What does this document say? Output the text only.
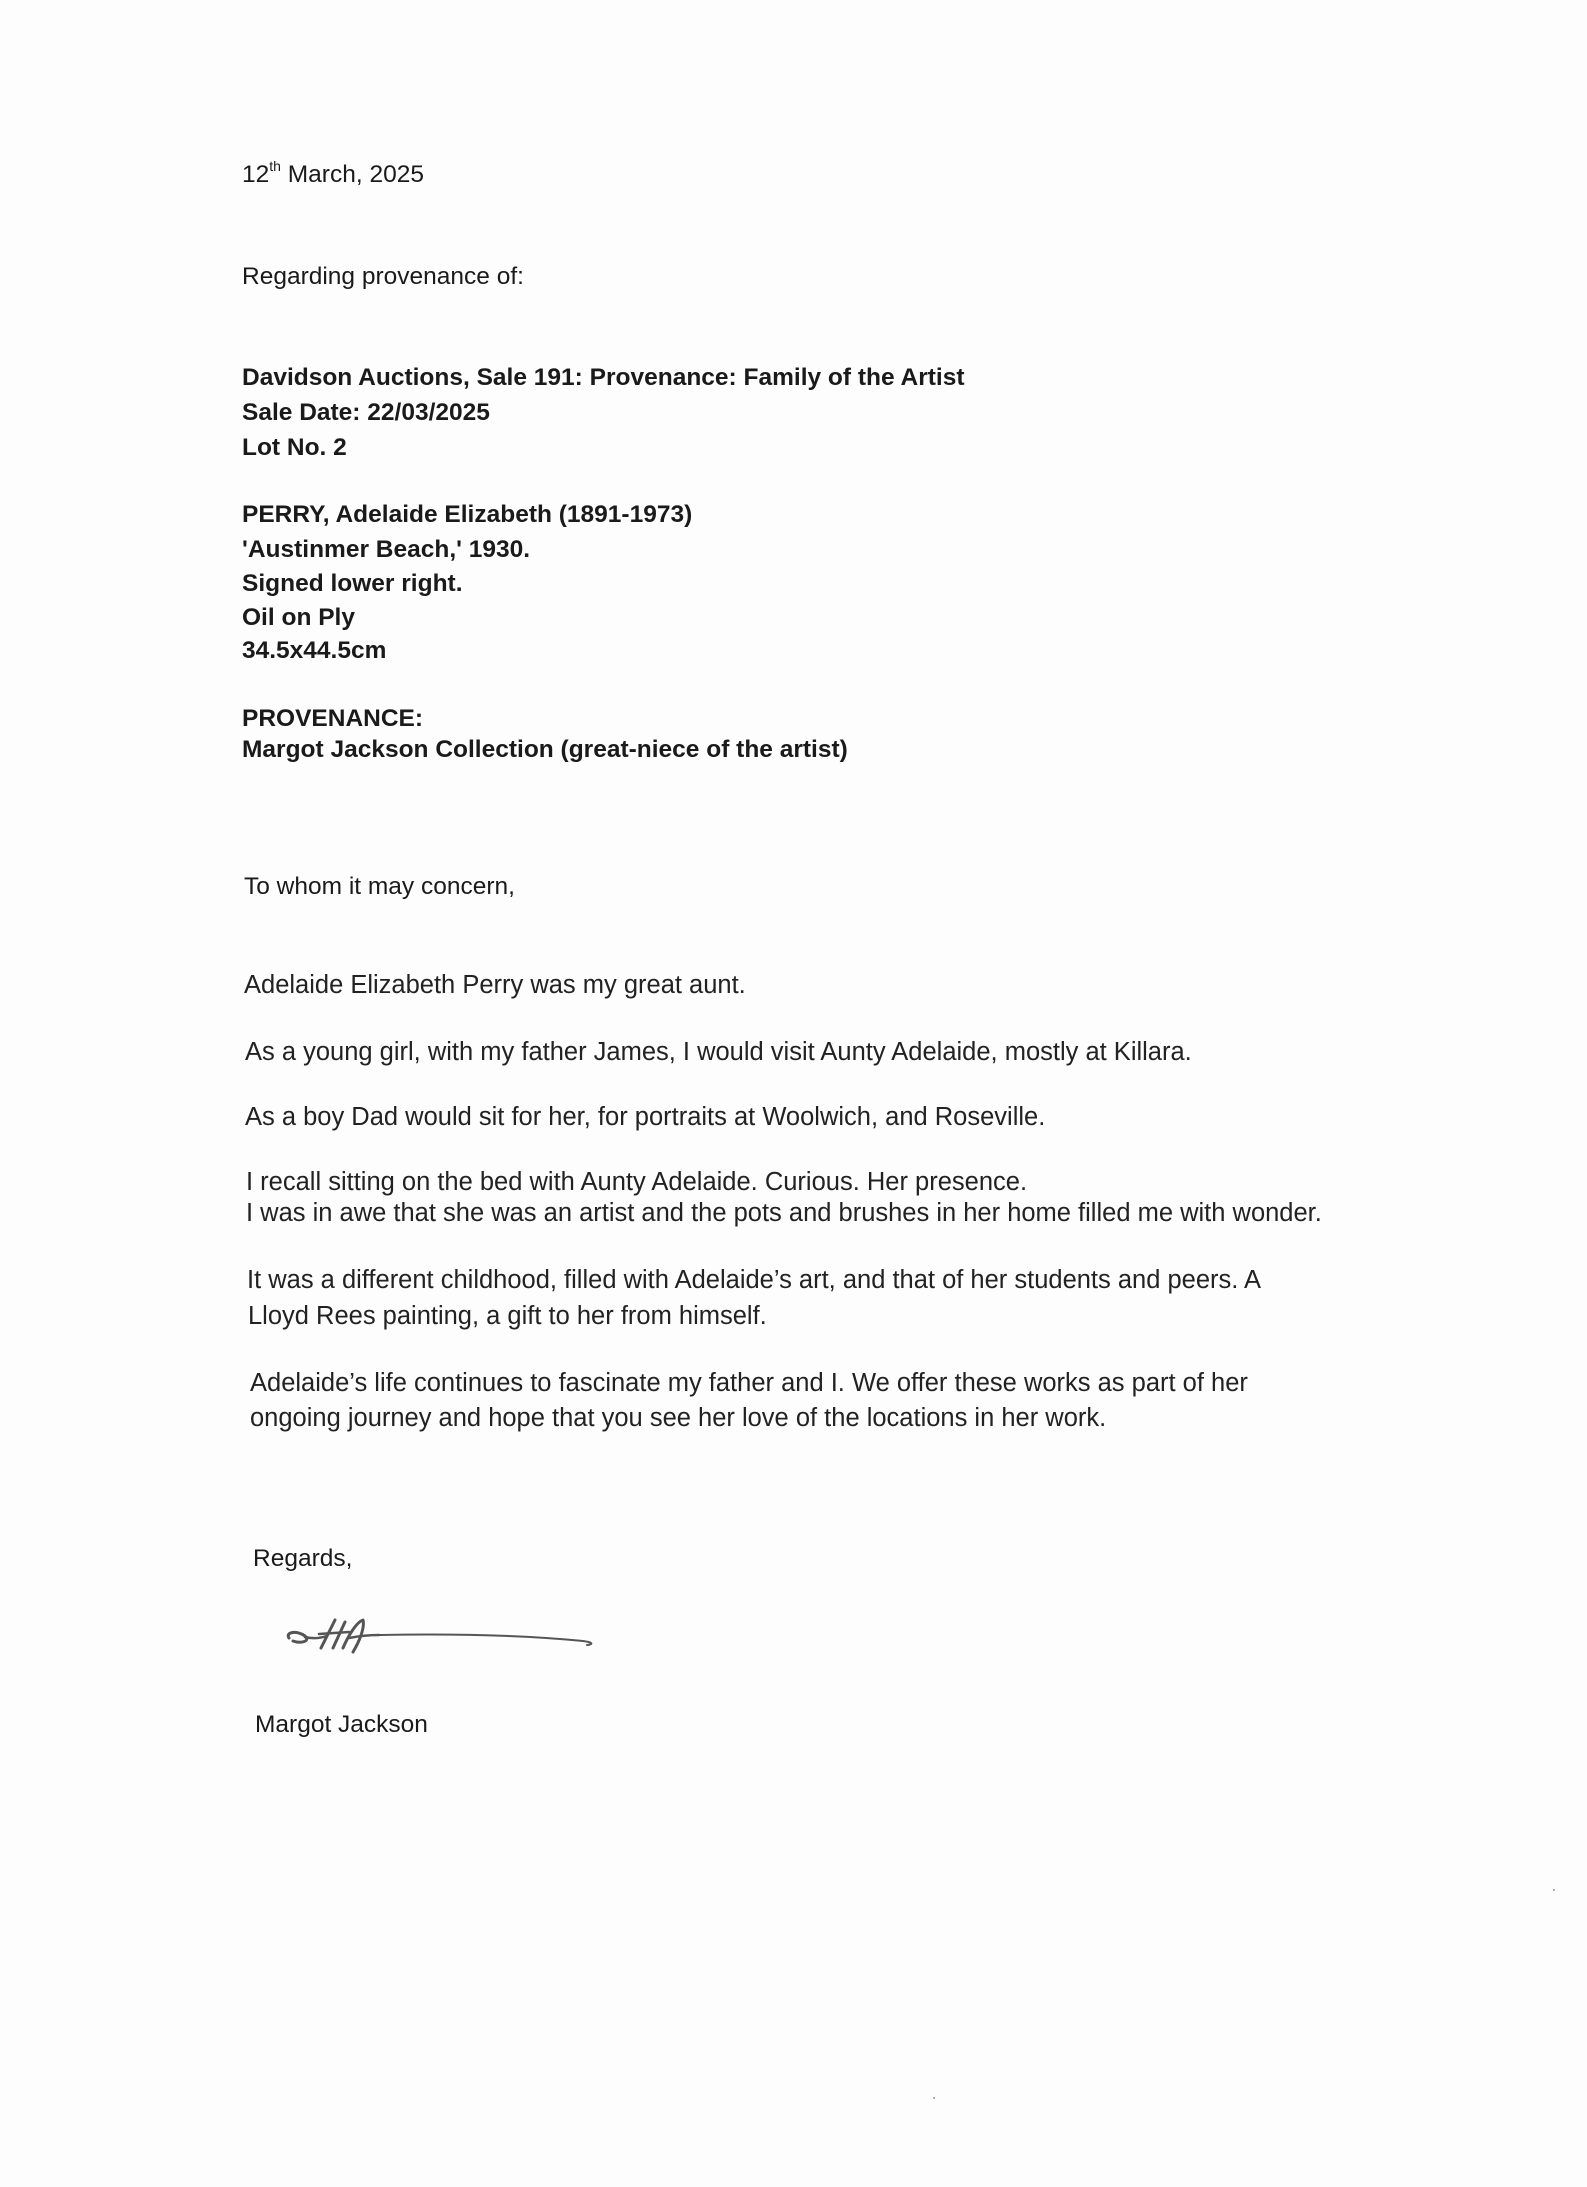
12th March, 2025
Regarding provenance of:
Davidson Auctions, Sale 191: Provenance: Family of the Artist
Sale Date: 22/03/2025
Lot No. 2
PERRY, Adelaide Elizabeth (1891-1973)
'Austinmer Beach,' 1930.
Signed lower right.
Oil on Ply
34.5x44.5cm
PROVENANCE:
Margot Jackson Collection (great-niece of the artist)
To whom it may concern,
Adelaide Elizabeth Perry was my great aunt.
As a young girl, with my father James, I would visit Aunty Adelaide, mostly at Killara.
As a boy Dad would sit for her, for portraits at Woolwich, and Roseville.
I recall sitting on the bed with Aunty Adelaide. Curious. Her presence.
I was in awe that she was an artist and the pots and brushes in her home filled me with wonder.
It was a different childhood, filled with Adelaide’s art, and that of her students and peers. A
Lloyd Rees painting, a gift to her from himself.
Adelaide’s life continues to fascinate my father and I. We offer these works as part of her
ongoing journey and hope that you see her love of the locations in her work.
Regards,
Margot Jackson
